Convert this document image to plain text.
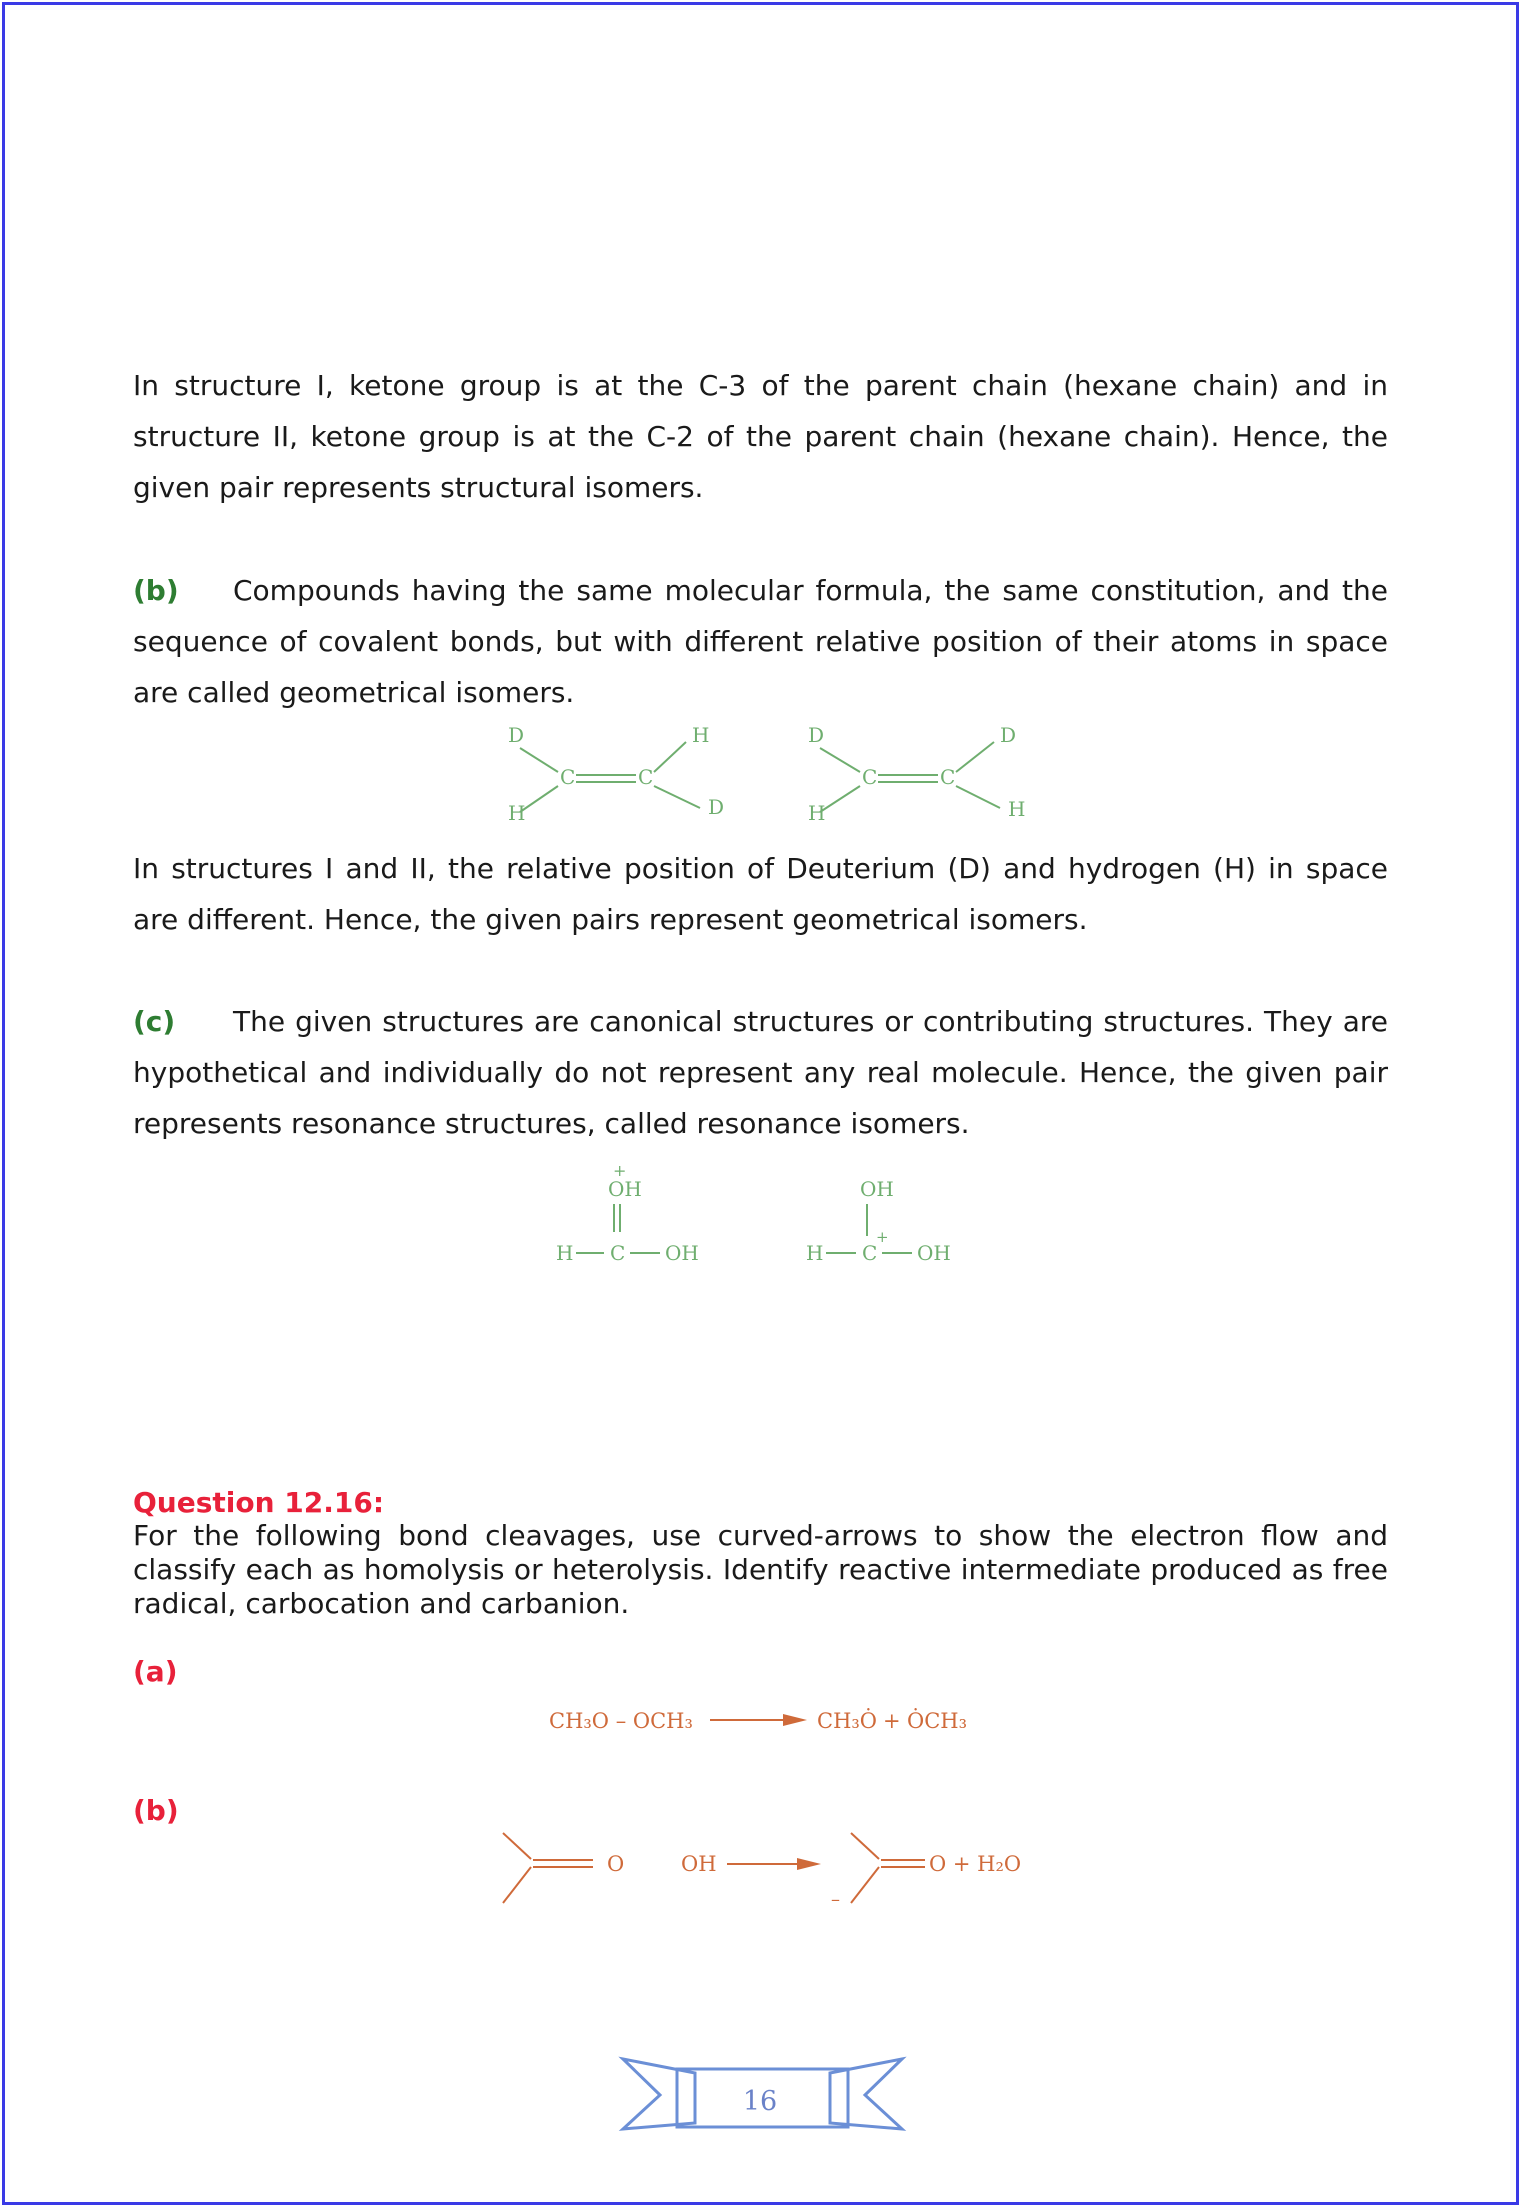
In structure I, ketone group is at the C-3 of the parent chain (hexane chain) and in structure II, ketone group is at the C-2 of the parent chain (hexane chain). Hence, the given pair represents structural isomers.

(b) Compounds having the same molecular formula, the same constitution, and the sequence of covalent bonds, but with different relative position of their atoms in space are called geometrical isomers.

D	H
H	D
C	C
D	D
H	H
C	C

In structures I and II, the relative position of Deuterium (D) and hydrogen (H) in space are different. Hence, the given pairs represent geometrical isomers.

(c) The given structures are canonical structures or contributing structures. They are hypothetical and individually do not represent any real molecule. Hence, the given pair represents resonance structures, called resonance isomers.

+
OH
H C OH
OH
+
H C OH

Question 12.16:

For the following bond cleavages, use curved-arrows to show the electron flow and classify each as homolysis or heterolysis. Identify reactive intermediate produced as free radical, carbocation and carbanion.

(a)

CH₃O – OCH₃	CH₃Ȯ + ȮCH₃

(b)

O	OH
–
O + H₂O
16
